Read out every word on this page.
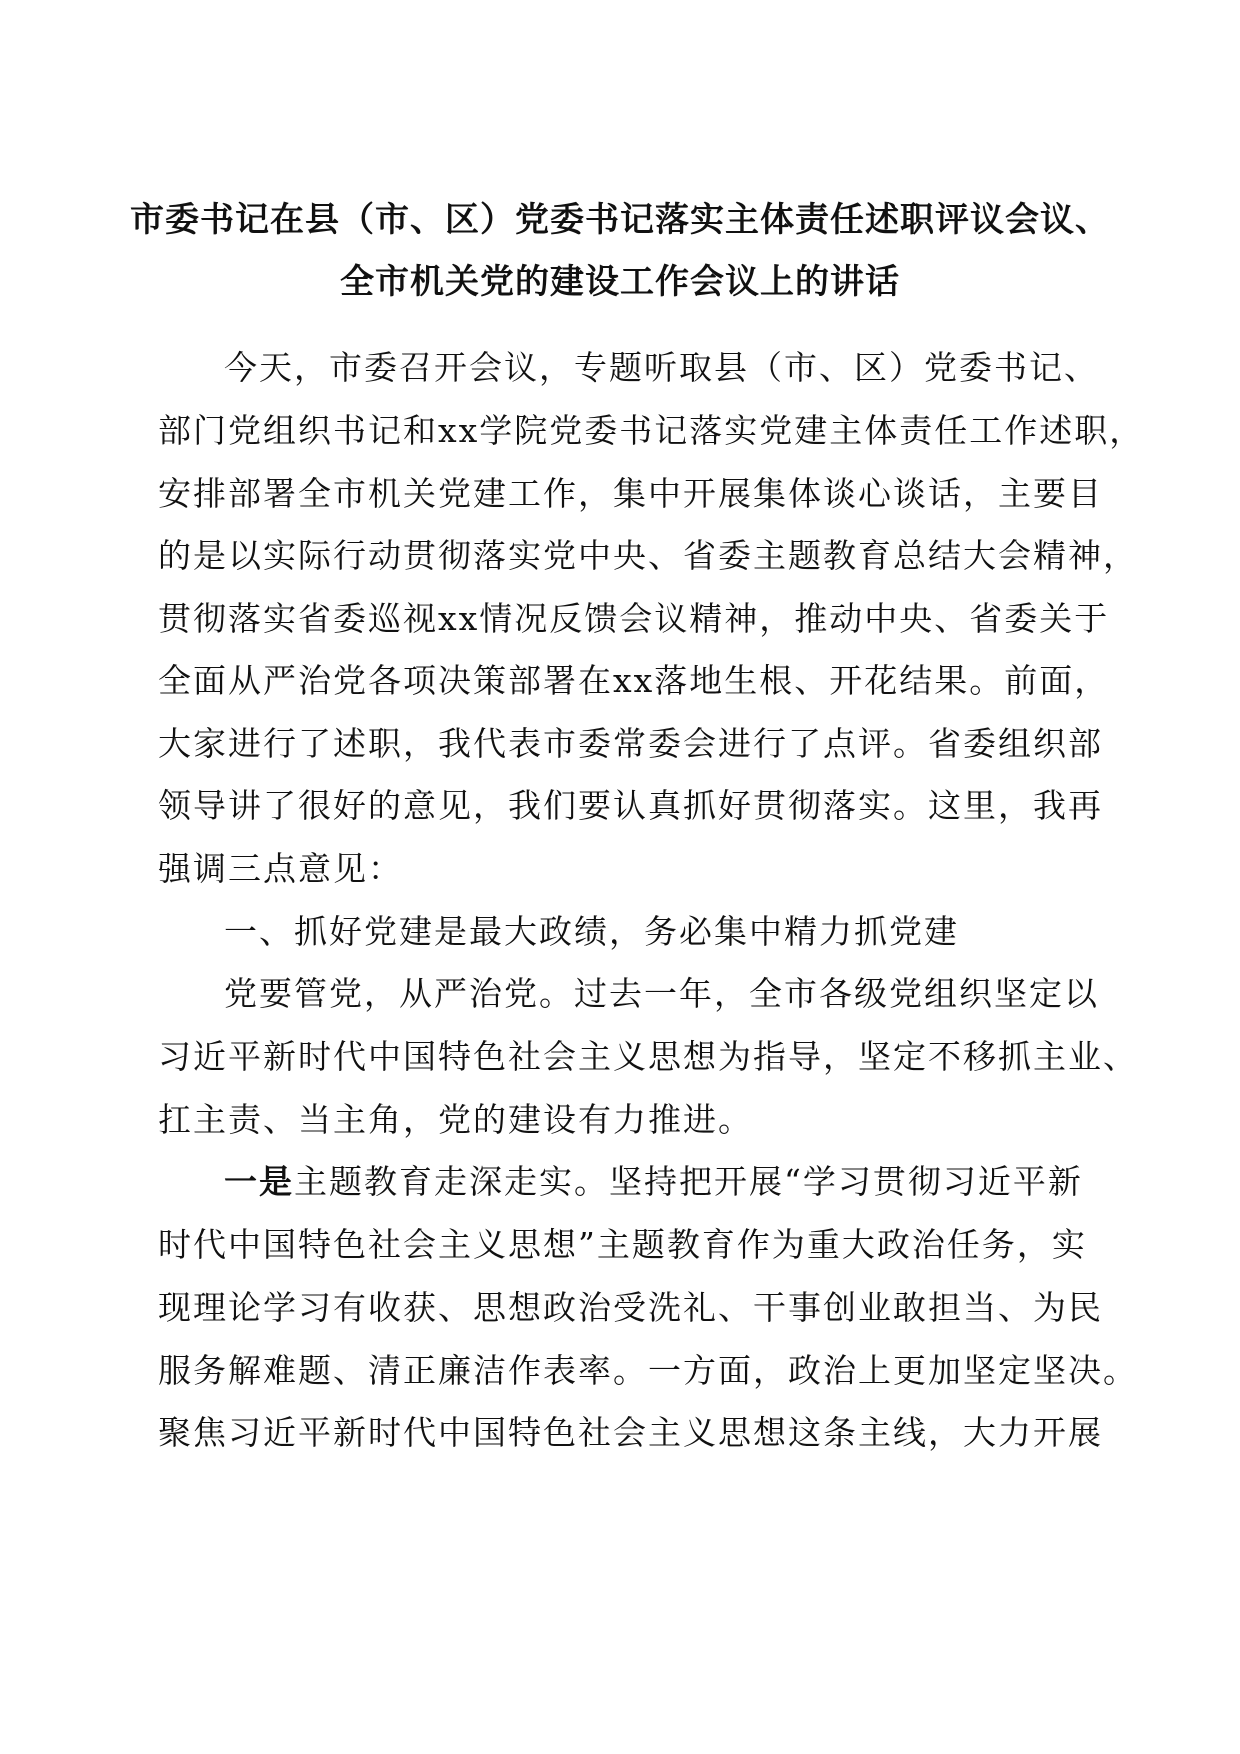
市委书记在县（市、区）党委书记落实主体责任述职评议会议、
全市机关党的建设工作会议上的讲话
今天，市委召开会议，专题听取县（市、区）党委书记、
部门党组织书记和xx学院党委书记落实党建主体责任工作述职，
安排部署全市机关党建工作，集中开展集体谈心谈话，主要目
的是以实际行动贯彻落实党中央、省委主题教育总结大会精神，
贯彻落实省委巡视xx情况反馈会议精神，推动中央、省委关于
全面从严治党各项决策部署在xx落地生根、开花结果。前面，
大家进行了述职，我代表市委常委会进行了点评。省委组织部
领导讲了很好的意见，我们要认真抓好贯彻落实。这里，我再
强调三点意见：
一、抓好党建是最大政绩，务必集中精力抓党建
党要管党，从严治党。过去一年，全市各级党组织坚定以
习近平新时代中国特色社会主义思想为指导，坚定不移抓主业、
扛主责、当主角，党的建设有力推进。
一是主题教育走深走实。坚持把开展“学习贯彻习近平新
时代中国特色社会主义思想”主题教育作为重大政治任务，实
现理论学习有收获、思想政治受洗礼、干事创业敢担当、为民
服务解难题、清正廉洁作表率。一方面，政治上更加坚定坚决。
聚焦习近平新时代中国特色社会主义思想这条主线，大力开展
